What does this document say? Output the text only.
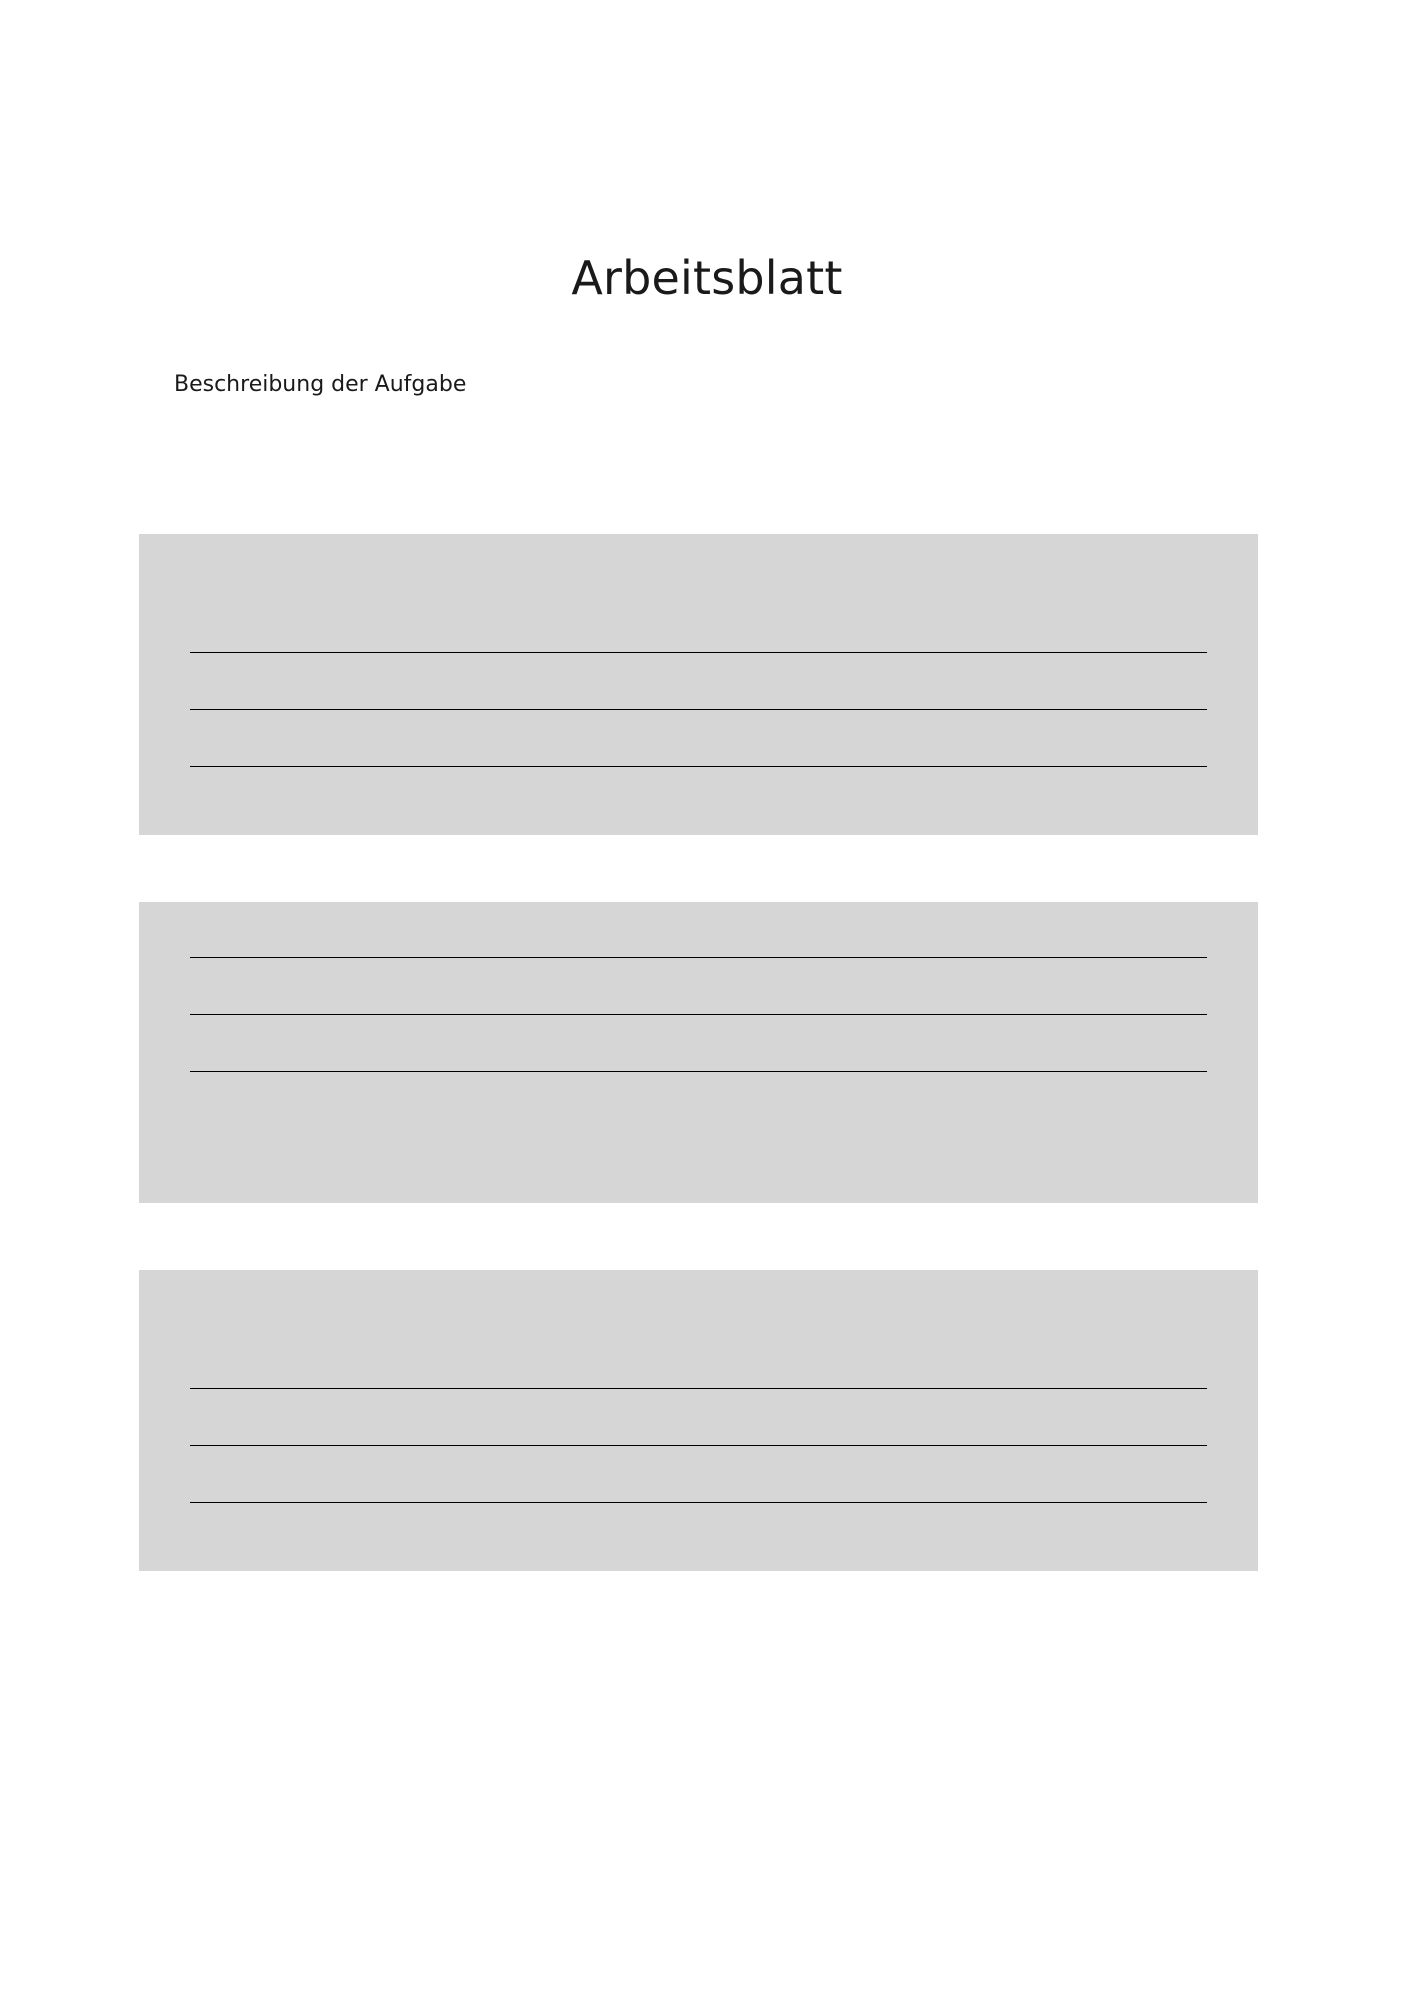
Arbeitsblatt
Beschreibung der Aufgabe
